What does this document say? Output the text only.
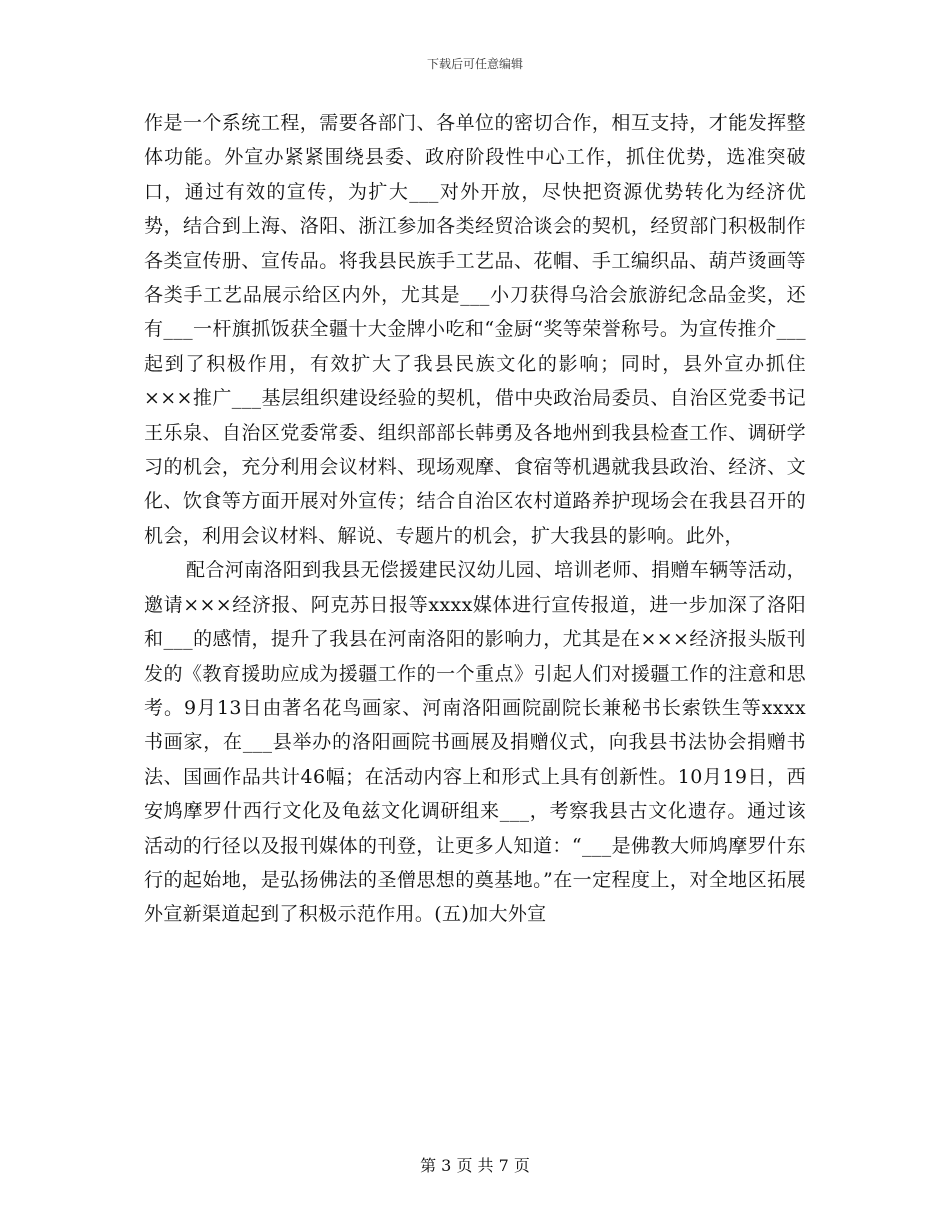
下载后可任意编辑

作是一个系统工程，需要各部门、各单位的密切合作，相互支持，才能发挥整体功能。外宣办紧紧围绕县委、政府阶段性中心工作，抓住优势，选准突破口，通过有效的宣传，为扩大___对外开放，尽快把资源优势转化为经济优势，结合到上海、洛阳、浙江参加各类经贸洽谈会的契机，经贸部门积极制作各类宣传册、宣传品。将我县民族手工艺品、花帽、手工编织品、葫芦烫画等各类手工艺品展示给区内外，尤其是___小刀获得乌洽会旅游纪念品金奖，还有___一杆旗抓饭获全疆十大金牌小吃和“金厨“奖等荣誉称号。为宣传推介___起到了积极作用，有效扩大了我县民族文化的影响；同时，县外宣办抓住×××推广___基层组织建设经验的契机，借中央政治局委员、自治区党委书记王乐泉、自治区党委常委、组织部部长韩勇及各地州到我县检查工作、调研学习的机会，充分利用会议材料、现场观摩、食宿等机遇就我县政治、经济、文化、饮食等方面开展对外宣传；结合自治区农村道路养护现场会在我县召开的机会，利用会议材料、解说、专题片的机会，扩大我县的影响。此外，

配合河南洛阳到我县无偿援建民汉幼儿园、培训老师、捐赠车辆等活动，邀请×××经济报、阿克苏日报等xxxx媒体进行宣传报道，进一步加深了洛阳和___的感情，提升了我县在河南洛阳的影响力，尤其是在×××经济报头版刊发的《教育援助应成为援疆工作的一个重点》引起人们对援疆工作的注意和思考。9月13日由著名花鸟画家、河南洛阳画院副院长兼秘书长索铁生等xxxx书画家，在___县举办的洛阳画院书画展及捐赠仪式，向我县书法协会捐赠书法、国画作品共计46幅；在活动内容上和形式上具有创新性。10月19日，西安鸠摩罗什西行文化及龟兹文化调研组来___，考察我县古文化遗存。通过该活动的行径以及报刊媒体的刊登，让更多人知道：“___是佛教大师鸠摩罗什东行的起始地，是弘扬佛法的圣僧思想的奠基地。”在一定程度上，对全地区拓展外宣新渠道起到了积极示范作用。(五)加大外宣

第 3 页 共 7 页
